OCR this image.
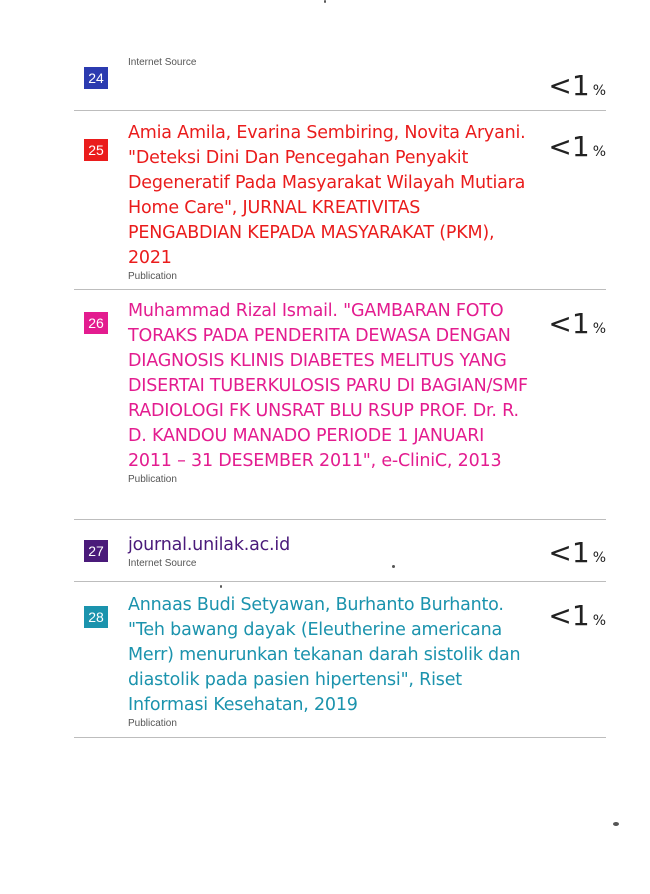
24
Internet Source
<1 %
25
Amia Amila, Evarina Sembiring, Novita Aryani. "Deteksi Dini Dan Pencegahan Penyakit Degeneratif Pada Masyarakat Wilayah Mutiara Home Care", JURNAL KREATIVITAS PENGABDIAN KEPADA MASYARAKAT (PKM), 2021
Publication
<1 %
26
Muhammad Rizal Ismail. "GAMBARAN FOTO TORAKS PADA PENDERITA DEWASA DENGAN DIAGNOSIS KLINIS DIABETES MELITUS YANG DISERTAI TUBERKULOSIS PARU DI BAGIAN/SMF RADIOLOGI FK UNSRAT BLU RSUP PROF. Dr. R. D. KANDOU MANADO PERIODE 1 JANUARI 2011 – 31 DESEMBER 2011", e-CliniC, 2013
Publication
<1 %
27 journal.unilak.ac.id
Internet Source	<1 %
28
Annaas Budi Setyawan, Burhanto Burhanto. "Teh bawang dayak (Eleutherine americana Merr) menurunkan tekanan darah sistolik dan diastolik pada pasien hipertensi", Riset Informasi Kesehatan, 2019
Publication
<1 %
